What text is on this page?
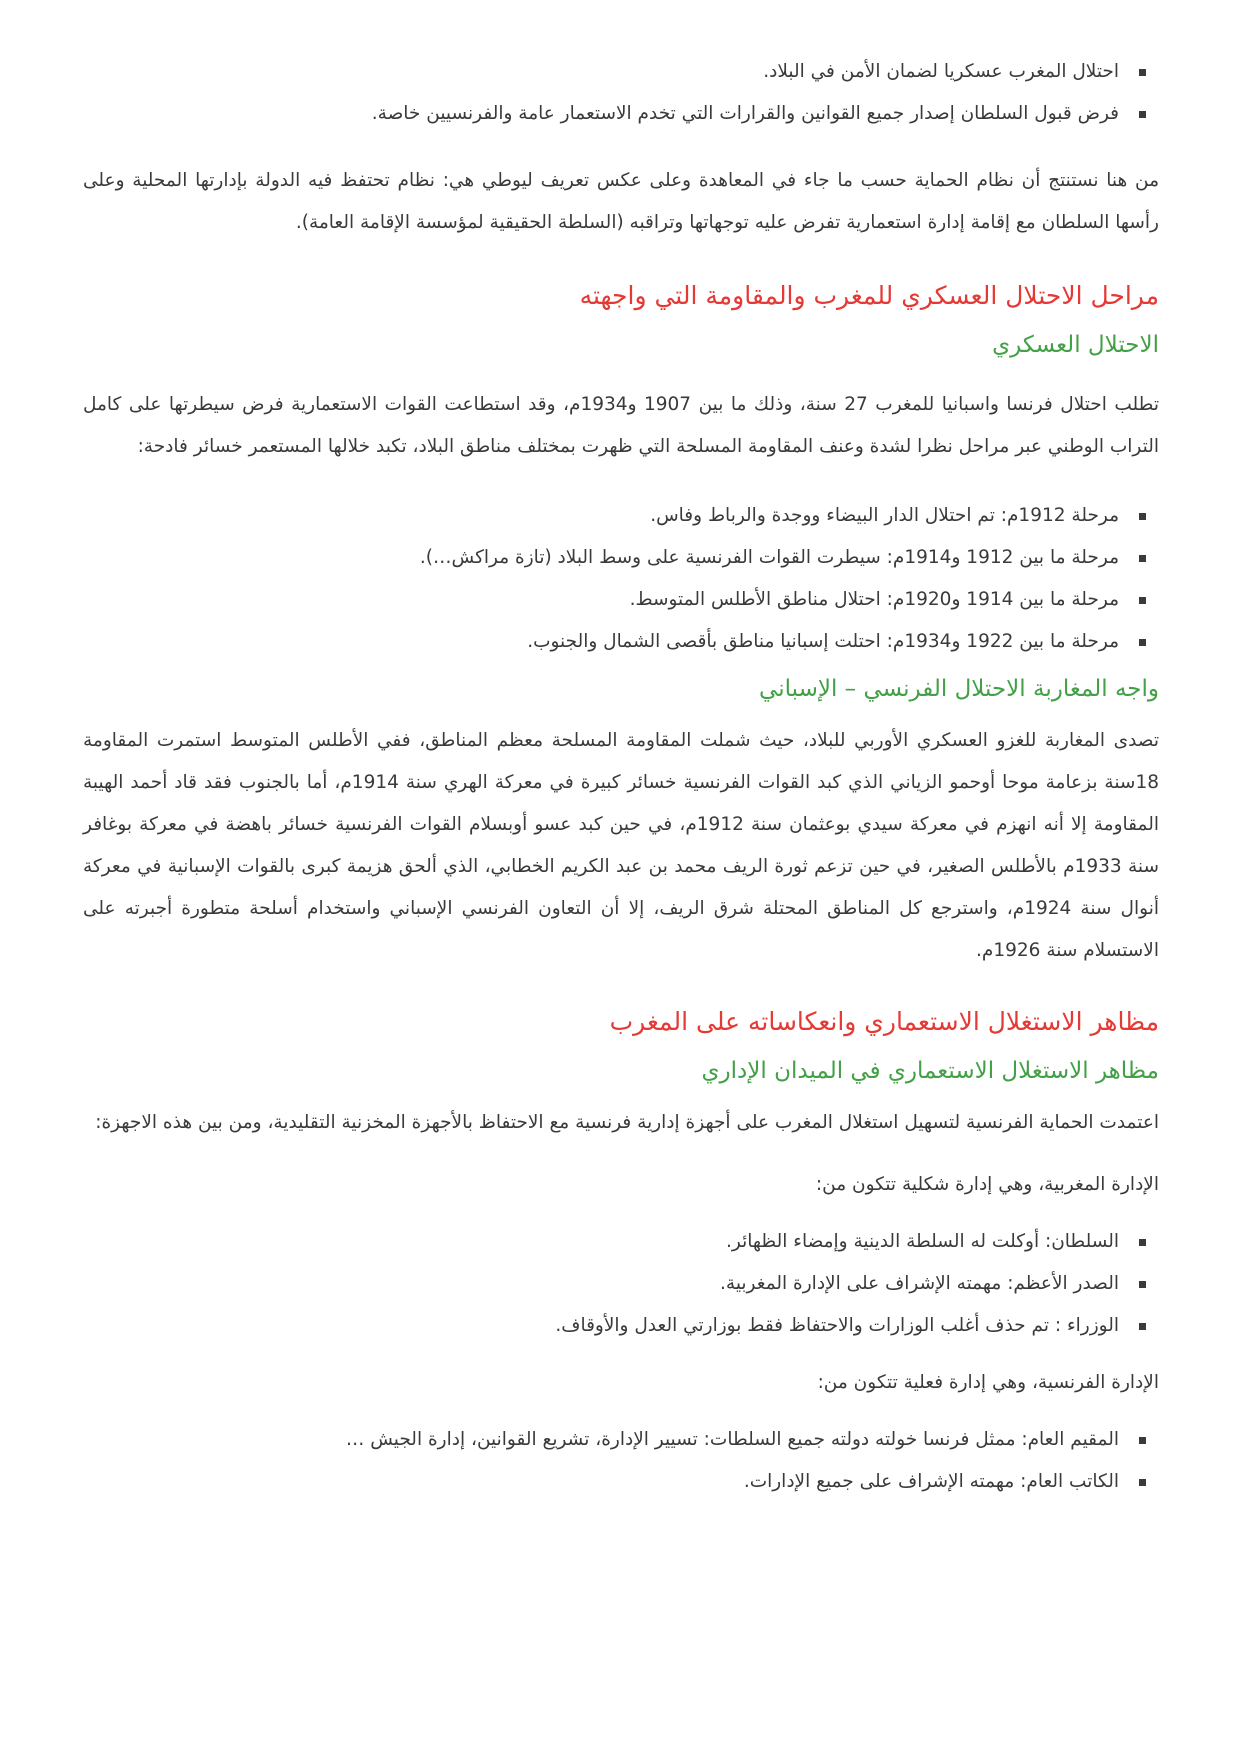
احتلال المغرب عسكريا لضمان الأمن في البلاد.
فرض قبول السلطان إصدار جميع القوانين والقرارات التي تخدم الاستعمار عامة والفرنسيين خاصة.

من هنا نستنتج أن نظام الحماية حسب ما جاء في المعاهدة وعلى عكس تعريف ليوطي هي: نظام تحتفظ فيه الدولة بإدارتها المحلية وعلى رأسها السلطان مع إقامة إدارة استعمارية تفرض عليه توجهاتها وتراقبه (السلطة الحقيقية لمؤسسة الإقامة العامة).

مراحل الاحتلال العسكري للمغرب والمقاومة التي واجهته
الاحتلال العسكري

تطلب احتلال فرنسا واسبانيا للمغرب 27 سنة، وذلك ما بين 1907 و1934م، وقد استطاعت القوات الاستعمارية فرض سيطرتها على كامل التراب الوطني عبر مراحل نظرا لشدة وعنف المقاومة المسلحة التي ظهرت بمختلف مناطق البلاد، تكبد خلالها المستعمر خسائر فادحة:

مرحلة 1912م: تم احتلال الدار البيضاء ووجدة والرباط وفاس.
مرحلة ما بين 1912 و1914م: سيطرت القوات الفرنسية على وسط البلاد (تازة مراكش…).
مرحلة ما بين 1914 و1920م: احتلال مناطق الأطلس المتوسط.
مرحلة ما بين 1922 و1934م: احتلت إسبانيا مناطق بأقصى الشمال والجنوب.
واجه المغاربة الاحتلال الفرنسي – الإسباني

تصدى المغاربة للغزو العسكري الأوربي للبلاد، حيث شملت المقاومة المسلحة معظم المناطق، ففي الأطلس المتوسط استمرت المقاومة 18سنة بزعامة موحا أوحمو الزياني الذي كبد القوات الفرنسية خسائر كبيرة في معركة الهري سنة 1914م، أما بالجنوب فقد قاد أحمد الهيبة المقاومة إلا أنه انهزم في معركة سيدي بوعثمان سنة 1912م، في حين كبد عسو أوبسلام القوات الفرنسية خسائر باهضة في معركة بوغافر سنة 1933م بالأطلس الصغير، في حين تزعم ثورة الريف محمد بن عبد الكريم الخطابي، الذي ألحق هزيمة كبرى بالقوات الإسبانية في معركة أنوال سنة 1924م، واسترجع كل المناطق المحتلة شرق الريف، إلا أن التعاون الفرنسي الإسباني واستخدام أسلحة متطورة أجبرته على الاستسلام سنة 1926م.

مظاهر الاستغلال الاستعماري وانعكاساته على المغرب
مظاهر الاستغلال الاستعماري في الميدان الإداري

اعتمدت الحماية الفرنسية لتسهيل استغلال المغرب على أجهزة إدارية فرنسية مع الاحتفاظ بالأجهزة المخزنية التقليدية، ومن بين هذه الاجهزة:

الإدارة المغربية، وهي إدارة شكلية تتكون من:

السلطان: أوكلت له السلطة الدينية وإمضاء الظهائر.
الصدر الأعظم: مهمته الإشراف على الإدارة المغربية.
الوزراء : تم حذف أغلب الوزارات والاحتفاظ فقط بوزارتي العدل والأوقاف.

الإدارة الفرنسية، وهي إدارة فعلية تتكون من:

المقيم العام: ممثل فرنسا خولته دولته جميع السلطات: تسيير الإدارة، تشريع القوانين، إدارة الجيش …
الكاتب العام: مهمته الإشراف على جميع الإدارات.
